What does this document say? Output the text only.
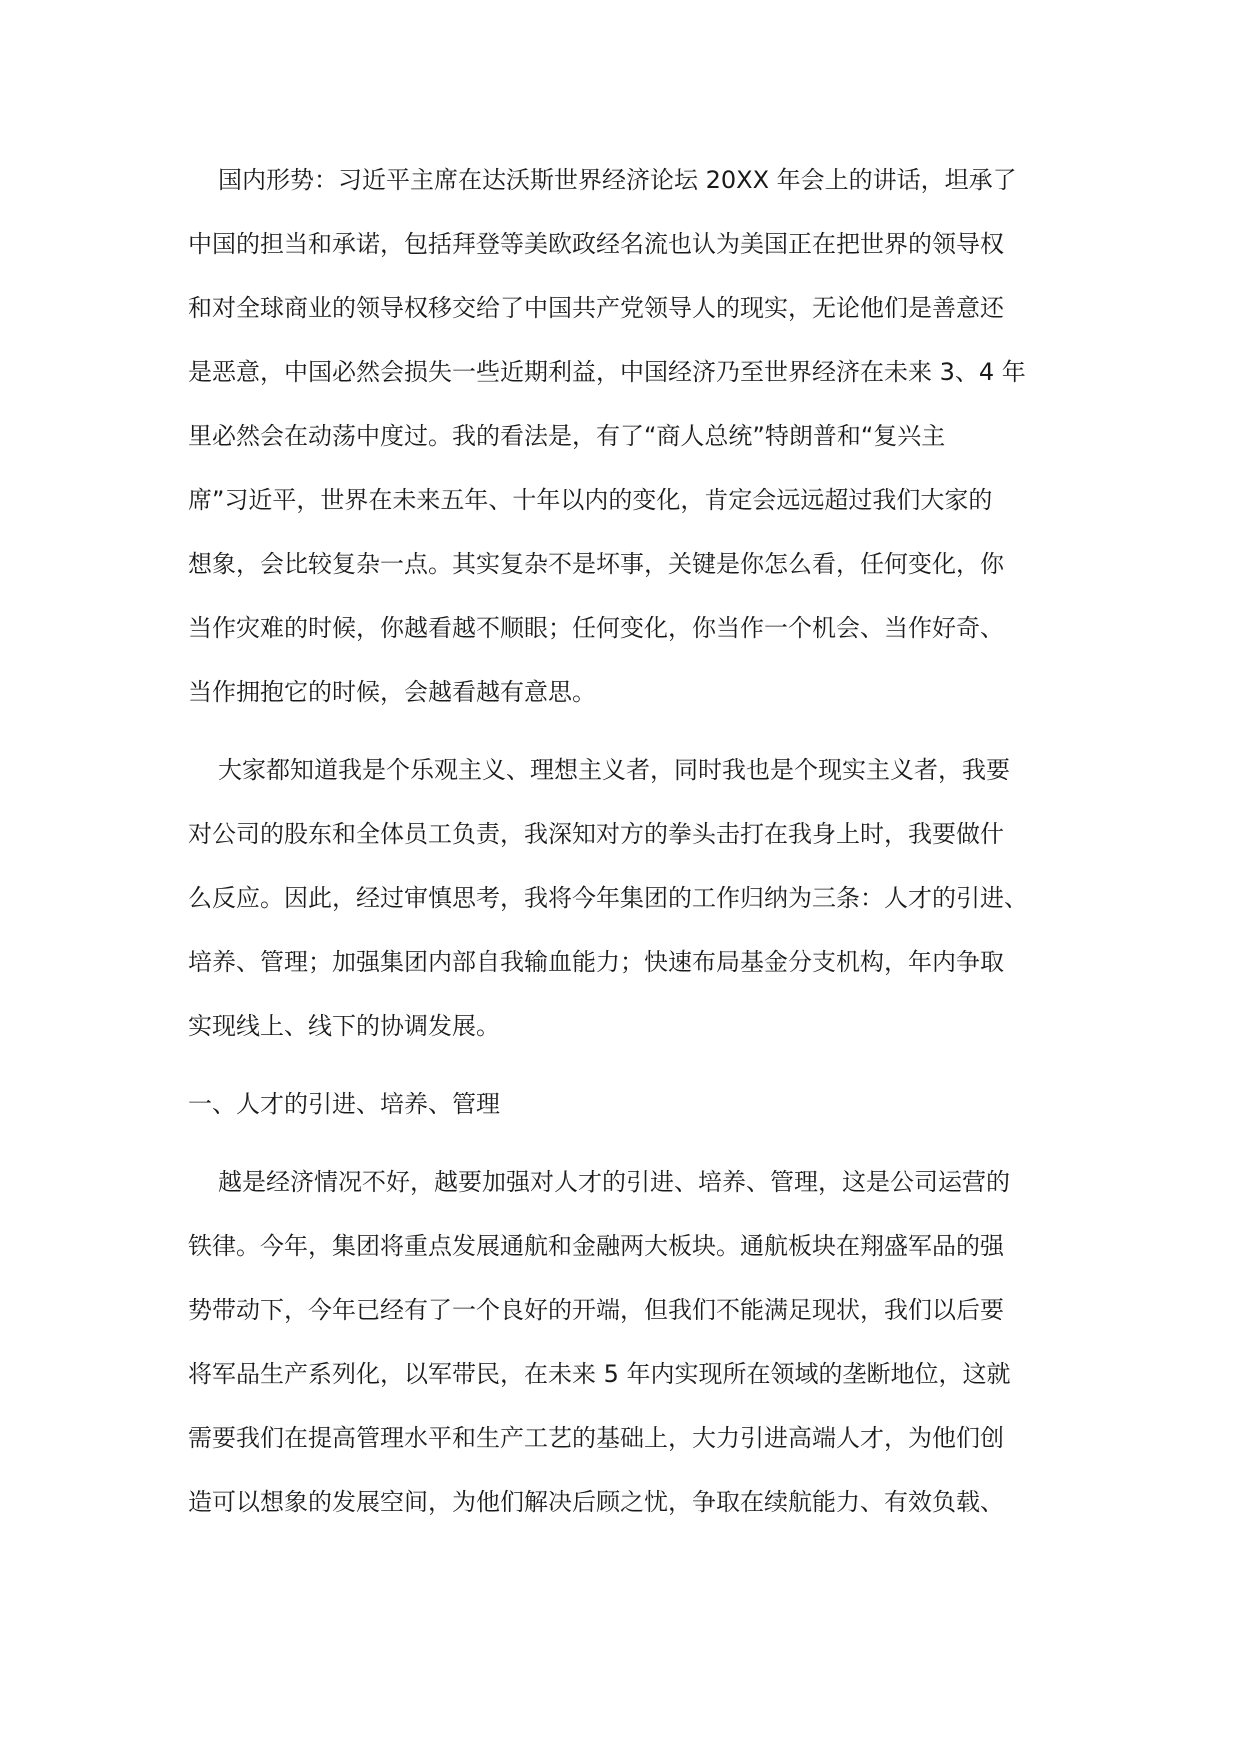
国内形势：习近平主席在达沃斯世界经济论坛 20XX 年会上的讲话，坦承了
中国的担当和承诺，包括拜登等美欧政经名流也认为美国正在把世界的领导权
和对全球商业的领导权移交给了中国共产党领导人的现实，无论他们是善意还
是恶意，中国必然会损失一些近期利益，中国经济乃至世界经济在未来 3、4 年
里必然会在动荡中度过。我的看法是，有了“商人总统”特朗普和“复兴主
席”习近平，世界在未来五年、十年以内的变化，肯定会远远超过我们大家的
想象，会比较复杂一点。其实复杂不是坏事，关键是你怎么看，任何变化，你
当作灾难的时候，你越看越不顺眼；任何变化，你当作一个机会、当作好奇、
当作拥抱它的时候，会越看越有意思。
大家都知道我是个乐观主义、理想主义者，同时我也是个现实主义者，我要
对公司的股东和全体员工负责，我深知对方的拳头击打在我身上时，我要做什
么反应。因此，经过审慎思考，我将今年集团的工作归纳为三条：人才的引进、
培养、管理；加强集团内部自我输血能力；快速布局基金分支机构，年内争取
实现线上、线下的协调发展。
一、人才的引进、培养、管理
越是经济情况不好，越要加强对人才的引进、培养、管理，这是公司运营的
铁律。今年，集团将重点发展通航和金融两大板块。通航板块在翔盛军品的强
势带动下，今年已经有了一个良好的开端，但我们不能满足现状，我们以后要
将军品生产系列化，以军带民，在未来 5 年内实现所在领域的垄断地位，这就
需要我们在提高管理水平和生产工艺的基础上，大力引进高端人才，为他们创
造可以想象的发展空间，为他们解决后顾之忧，争取在续航能力、有效负载、
